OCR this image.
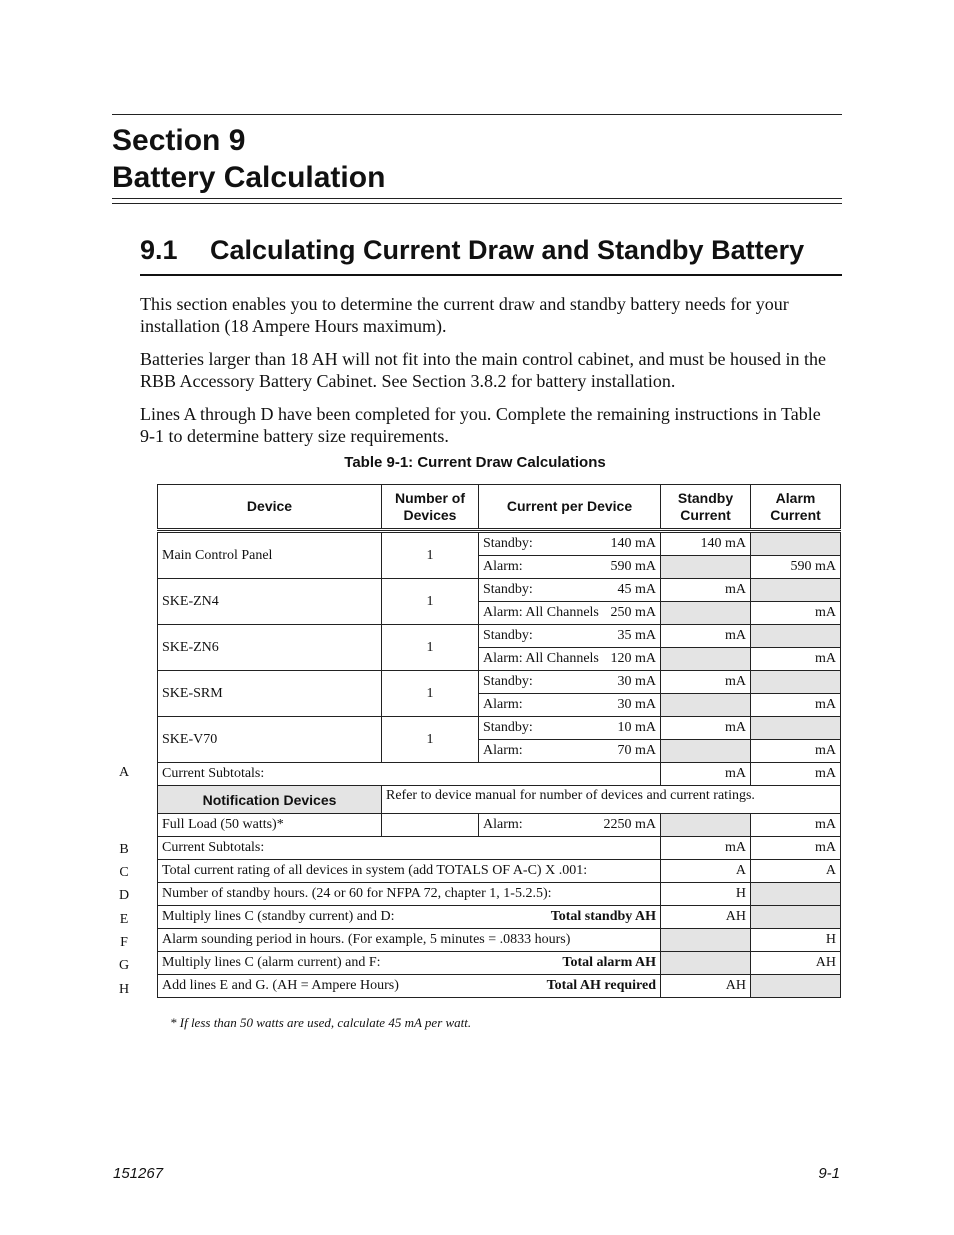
Section 9
Battery Calculation
9.1 Calculating Current Draw and Standby Battery

This section enables you to determine the current draw and standby battery needs for your installation (18 Ampere Hours maximum).

Batteries larger than 18 AH will not fit into the main control cabinet, and must be housed in the RBB Accessory Battery Cabinet. See Section 3.8.2 for battery installation.

Lines A through D have been completed for you. Complete the remaining instructions in Table 9-1 to determine battery size requirements.

Table 9-1: Current Draw Calculations
Device	Number of Devices	Current per Device	Standby Current	Alarm Current

Main Control Panel	1	Standby: 140 mA	140 mA	

		Alarm: 590 mA		590 mA
SKE-ZN4	1	Standby: 45 mA	mA	

		Alarm: All Channels 250 mA		mA
SKE-ZN6	1	Standby: 35 mA	mA	

		Alarm: All Channels 120 mA		mA
SKE-SRM	1	Standby: 30 mA	mA	

		Alarm: 30 mA		mA
SKE-V70	1	Standby: 10 mA	mA	

		Alarm: 70 mA		mA
Current Subtotals:			mA	mA
Notification Devices	Refer to device manual for number of devices and current ratings.			
Full Load (50 watts)*		Alarm: 2250 mA		mA
Current Subtotals:			mA	mA
Total current rating of all devices in system (add TOTALS OF A-C) X .001:			A	A
Number of standby hours. (24 or 60 for NFPA 72, chapter 1, 1-5.2.5):			H	

Multiply lines C (standby current) and D: Total standby AH			AH	
Alarm sounding period in hours. (For example, 5 minutes = .0833 hours)				H

Multiply lines C (alarm current) and F: Total alarm AH				AH

Add lines E and G. (AH = Ampere Hours) Total AH required			AH	
A
B
C
D
E
F
G
H
* If less than 50 watts are used, calculate 45 mA per watt.
151267	9-1
